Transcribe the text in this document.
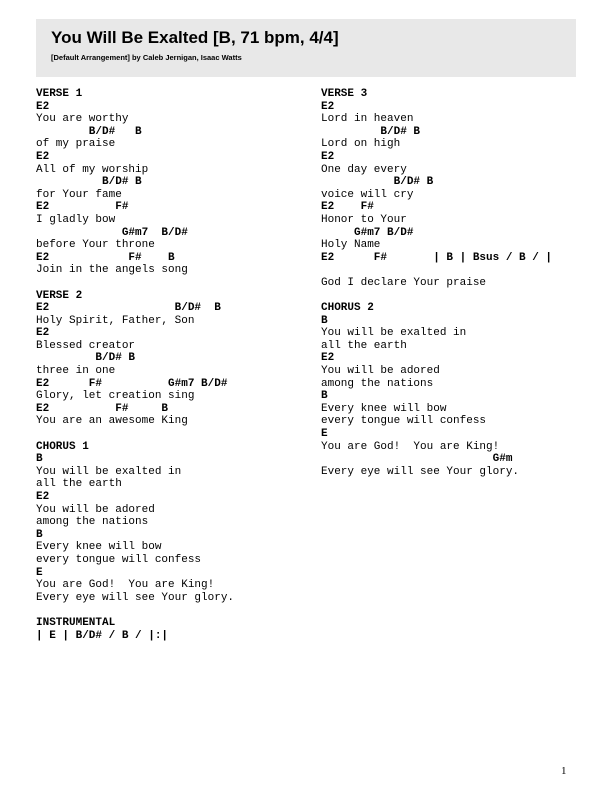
You Will Be Exalted [B, 71 bpm, 4/4]

[Default Arrangement] by Caleb Jernigan, Isaac Watts

VERSE 1
E2
You are worthy
B/D#   B
of my praise
E2
All of my worship
B/D# B
for Your fame
E2          F#
I gladly bow
G#m7  B/D#
before Your throne
E2            F#    B
Join in the angels song
VERSE 2
E2                   B/D#  B
Holy Spirit, Father, Son
E2
Blessed creator
B/D# B
three in one
E2      F#          G#m7 B/D#
Glory, let creation sing
E2          F#     B
You are an awesome King
CHORUS 1
B
You will be exalted in
all the earth
E2
You will be adored
among the nations
B
Every knee will bow
every tongue will confess
E
You are God!  You are King!
Every eye will see Your glory.
INSTRUMENTAL
| E | B/D# / B / |:|
VERSE 3
E2
Lord in heaven
B/D# B
Lord on high
E2
One day every
B/D# B
voice will cry
E2    F#
Honor to Your
G#m7 B/D#
Holy Name
E2      F#       | B | Bsus / B / |
God I declare Your praise
CHORUS 2
B
You will be exalted in
all the earth
E2
You will be adored
among the nations
B
Every knee will bow
every tongue will confess
E
You are God!  You are King!
G#m
Every eye will see Your glory.
1
